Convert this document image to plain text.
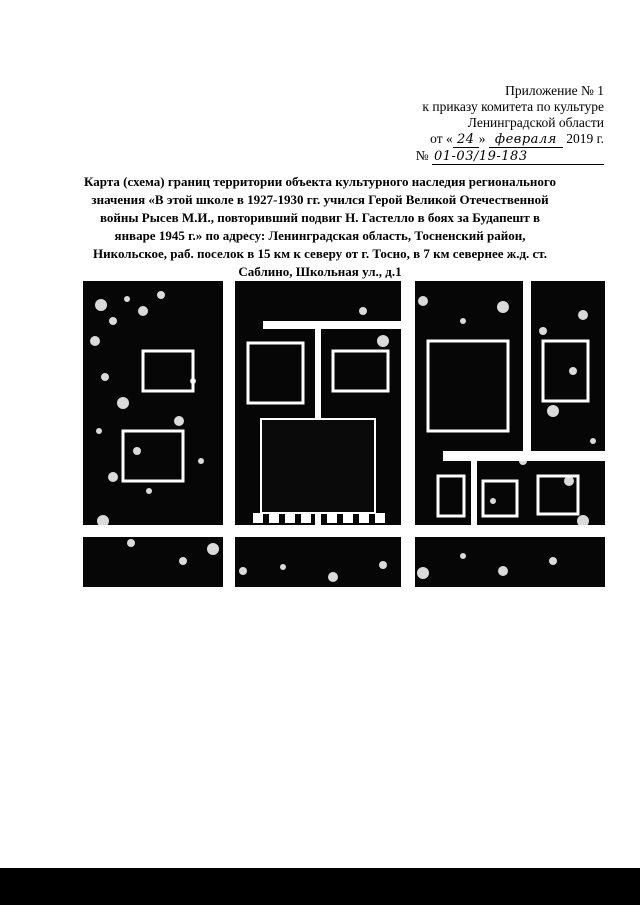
Приложение № 1
к приказу комитета по культуре
Ленинградской области
от « 24 » февраля 2019 г.
№ 01-03/19-183
Карта (схема) границ территории объекта культурного наследия регионального значения «В этой школе в 1927-1930 гг. учился Герой Великой Отечественной войны Рысев М.И., повторивший подвиг Н. Гастелло в боях за Будапешт в январе 1945 г.» по адресу: Ленинградская область, Тосненский район, Никольское, раб. поселок в 15 км к северу от г. Тосно, в 7 км севернее ж.д. ст. Саблино, Школьная ул., д.1
